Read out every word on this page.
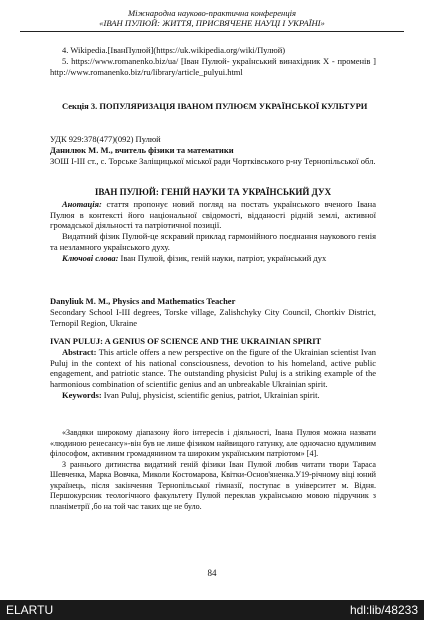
Міжнародна науково-практична конференція
«ІВАН ПУЛЮЙ: ЖИТТЯ, ПРИСВЯЧЕНЕ НАУЦІ І УКРАЇНІ»

4. Wikipedia.[ІванПулюй](https://uk.wikipedia.org/wiki/Пулюй)

5. https://www.romanenko.biz/ua/ [Іван Пулюй- український винахідник Х - променів ] http://www.romanenko.biz/ru/library/article_pulyui.html

Секція 3. ПОПУЛЯРИЗАЦІЯ ІВАНОМ ПУЛЮЄМ УКРАЇНСЬКОЇ КУЛЬТУРИ

УДК 929:378(477)(092) Пулюй

Данилюк М. М., вчитель фізики та математики

ЗОШ І-ІІІ ст., с. Торське Заліщицької міської ради Чортківського р-ну Тернопільської обл.

ІВАН ПУЛЮЙ: ГЕНІЙ НАУКИ ТА УКРАЇНСЬКИЙ ДУХ

Анотація: стаття пропонує новий погляд на постать українського вченого Івана Пулюя в контексті його національної свідомості, відданості рідній землі, активної громадської діяльності та патріотичної позиції.

Видатний фізик Пулюй-це яскравий приклад гармонійного поєднання наукового генія та незламного українського духу.

Ключові слова: Іван Пулюй, фізик, геній науки, патріот, український дух

Danyliuk M. M., Physics and Mathematics Teacher

Secondary School I-III degrees, Torske village, Zalishchyky City Council, Chortkiv District, Ternopil Region, Ukraine

IVAN PULUJ: A GENIUS OF SCIENCE AND THE UKRAINIAN SPIRIT

Abstract: This article offers a new perspective on the figure of the Ukrainian scientist Ivan Puluj in the context of his national consciousness, devotion to his homeland, active public engagement, and patriotic stance. The outstanding physicist Puluj is a striking example of the harmonious combination of scientific genius and an unbreakable Ukrainian spirit.

Keywords: Ivan Puluj, physicist, scientific genius, patriot, Ukrainian spirit.

«Завдяки широкому діапазону його інтересів і діяльності, Івана Пулюя можна назвати «людиною ренесансу»-він був не лише фізиком найвищого гатунку, але одночасно вдумливим філософом, активним громадянином та широким українським патріотом» [4].

З раннього дитинства видатний геній фізики Іван Пулюй любив читати твори Тараса Шевченка, Марка Вовчка, Миколи Костомарова, Квітки-Основ'яненка.У19-річному віці юний українець, після закінчення Тернопільської гімназії, поступає в університет м. Відня. Першокурсник теологічного факультету Пулюй переклав українською мовою підручник з планіметрії ,бо на той час таких ще не було.

84
ELARTU	hdl:lib/48233
